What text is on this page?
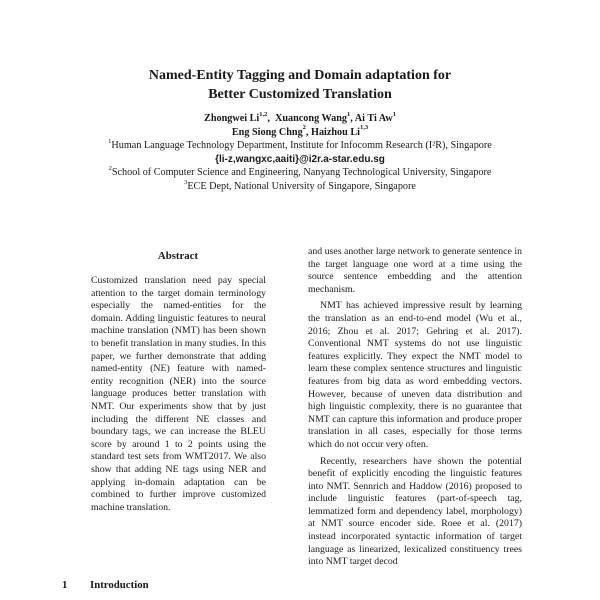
Named-Entity Tagging and Domain adaptation for
Better Customized Translation
Zhongwei Li$^{1,2}$,  Xuancong Wang$^1$, Ai Ti Aw$^1$
Eng Siong Chng$^2$, Haizhou Li$^{1,3}$
$^1$Human Language Technology Department, Institute for Infocomm Research (I²R), Singapore
{li-z,wangxc,aaiti}@i2r.a-star.edu.sg
$^2$School of Computer Science and Engineering, Nanyang Technological University, Singapore
$^3$ECE Dept, National University of Singapore, Singapore
Abstract
Customized translation need pay special attention to the target domain terminology especially the named-entities for the domain. Adding linguistic features to neural machine translation (NMT) has been shown to benefit translation in many studies. In this paper, we further demonstrate that adding named-entity (NE) feature with named-entity recognition (NER) into the source language produces better translation with NMT. Our experiments show that by just including the different NE classes and boundary tags, we can increase the BLEU score by around 1 to 2 points using the standard test sets from WMT2017. We also show that adding NE tags using NER and applying in-domain adaptation can be combined to further improve customized machine translation.
1 Introduction

and uses another large network to generate sentence in the target language one word at a time using the source sentence embedding and the attention mechanism.

NMT has achieved impressive result by learning the translation as an end-to-end model (Wu et al., 2016; Zhou et al. 2017; Gehring et al. 2017). Conventional NMT systems do not use linguistic features explicitly. They expect the NMT model to learn these complex sentence structures and linguistic features from big data as word embedding vectors. However, because of uneven data distribution and high linguistic complexity, there is no guarantee that NMT can capture this information and produce proper translation in all cases, especially for those terms which do not occur very often.

Recently, researchers have shown the potential benefit of explicitly encoding the linguistic features into NMT. Sennrich and Haddow (2016) proposed to include linguistic features (part-of-speech tag, lemmatized form and dependency label, morphology) at NMT source encoder side. Roee et al. (2017) instead incorporated syntactic information of target language as linearized, lexicalized constituency trees into NMT target decod
